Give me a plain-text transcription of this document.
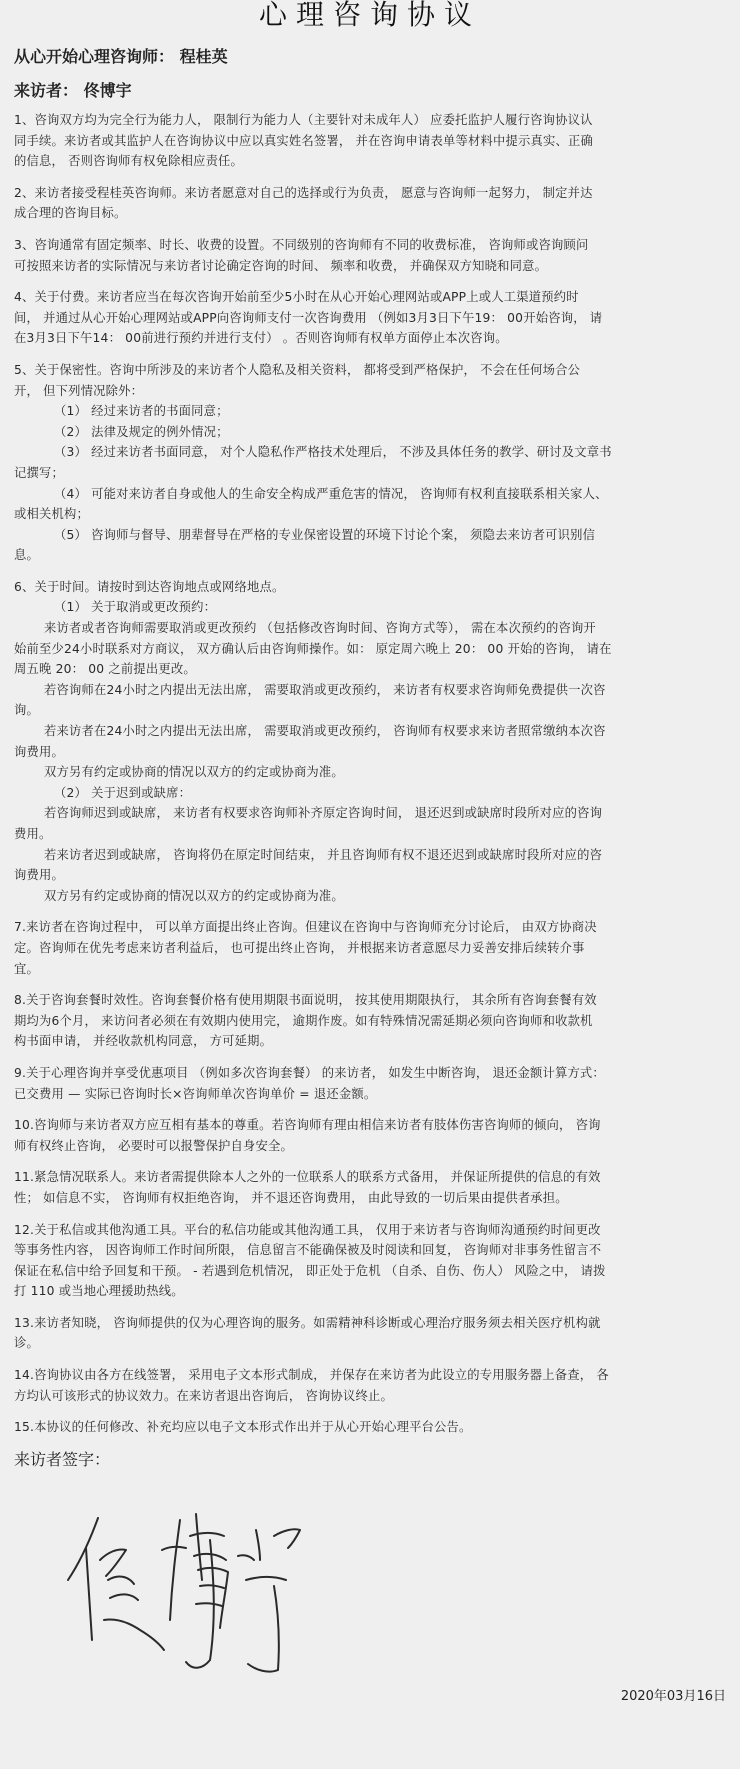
心理咨询协议
从心开始心理咨询师： 程桂英
来访者： 佟博宇
1、咨询双方均为完全行为能力人， 限制行为能力人（主要针对未成年人） 应委托监护人履行咨询协议认
同手续。来访者或其监护人在咨询协议中应以真实姓名签署， 并在咨询申请表单等材料中提示真实、正确
的信息， 否则咨询师有权免除相应责任。
2、来访者接受程桂英咨询师。来访者愿意对自己的选择或行为负责， 愿意与咨询师一起努力， 制定并达
成合理的咨询目标。
3、咨询通常有固定频率、时长、收费的设置。不同级别的咨询师有不同的收费标准， 咨询师或咨询顾问
可按照来访者的实际情况与来访者讨论确定咨询的时间、 频率和收费， 并确保双方知晓和同意。
4、关于付费。来访者应当在每次咨询开始前至少5小时在从心开始心理网站或APP上或人工渠道预约时
间， 并通过从心开始心理网站或APP向咨询师支付一次咨询费用 （例如3月3日下午19： 00开始咨询， 请
在3月3日下午14： 00前进行预约并进行支付） 。否则咨询师有权单方面停止本次咨询。
5、关于保密性。咨询中所涉及的来访者个人隐私及相关资料， 都将受到严格保护， 不会在任何场合公
开， 但下列情况除外：
（1） 经过来访者的书面同意；
（2） 法律及规定的例外情况；
（3） 经过来访者书面同意， 对个人隐私作严格技术处理后， 不涉及具体任务的教学、研讨及文章书
记撰写；
（4） 可能对来访者自身或他人的生命安全构成严重危害的情况， 咨询师有权利直接联系相关家人、
或相关机构；
（5） 咨询师与督导、朋辈督导在严格的专业保密设置的环境下讨论个案， 须隐去来访者可识别信
息。
6、关于时间。请按时到达咨询地点或网络地点。
（1） 关于取消或更改预约：
来访者或者咨询师需要取消或更改预约 （包括修改咨询时间、咨询方式等）， 需在本次预约的咨询开
始前至少24小时联系对方商议， 双方确认后由咨询师操作。如： 原定周六晚上 20： 00 开始的咨询， 请在
周五晚 20： 00 之前提出更改。
若咨询师在24小时之内提出无法出席， 需要取消或更改预约， 来访者有权要求咨询师免费提供一次咨
询。
若来访者在24小时之内提出无法出席， 需要取消或更改预约， 咨询师有权要求来访者照常缴纳本次咨
询费用。
双方另有约定或协商的情况以双方的约定或协商为准。
（2） 关于迟到或缺席：
若咨询师迟到或缺席， 来访者有权要求咨询师补齐原定咨询时间， 退还迟到或缺席时段所对应的咨询
费用。
若来访者迟到或缺席， 咨询将仍在原定时间结束， 并且咨询师有权不退还迟到或缺席时段所对应的咨
询费用。
双方另有约定或协商的情况以双方的约定或协商为准。
7.来访者在咨询过程中， 可以单方面提出终止咨询。但建议在咨询中与咨询师充分讨论后， 由双方协商决
定。咨询师在优先考虑来访者利益后， 也可提出终止咨询， 并根据来访者意愿尽力妥善安排后续转介事
宜。
8.关于咨询套餐时效性。咨询套餐价格有使用期限书面说明， 按其使用期限执行， 其余所有咨询套餐有效
期均为6个月， 来访问者必须在有效期内使用完， 逾期作废。如有特殊情况需延期必须向咨询师和收款机
构书面申请， 并经收款机构同意， 方可延期。
9.关于心理咨询并享受优惠项目 （例如多次咨询套餐） 的来访者， 如发生中断咨询， 退还金额计算方式：
已交费用 — 实际已咨询时长×咨询师单次咨询单价 = 退还金额。
10.咨询师与来访者双方应互相有基本的尊重。若咨询师有理由相信来访者有肢体伤害咨询师的倾向， 咨询
师有权终止咨询， 必要时可以报警保护自身安全。
11.紧急情况联系人。来访者需提供除本人之外的一位联系人的联系方式备用， 并保证所提供的信息的有效
性； 如信息不实， 咨询师有权拒绝咨询， 并不退还咨询费用， 由此导致的一切后果由提供者承担。
12.关于私信或其他沟通工具。平台的私信功能或其他沟通工具， 仅用于来访者与咨询师沟通预约时间更改
等事务性内容， 因咨询师工作时间所限， 信息留言不能确保被及时阅读和回复， 咨询师对非事务性留言不
保证在私信中给予回复和干预。 - 若遇到危机情况， 即正处于危机 （自杀、自伤、伤人） 风险之中， 请拨
打 110 或当地心理援助热线。
13.来访者知晓， 咨询师提供的仅为心理咨询的服务。如需精神科诊断或心理治疗服务须去相关医疗机构就
诊。
14.咨询协议由各方在线签署， 采用电子文本形式制成， 并保存在来访者为此设立的专用服务器上备查， 各
方均认可该形式的协议效力。在来访者退出咨询后， 咨询协议终止。
15.本协议的任何修改、补充均应以电子文本形式作出并于从心开始心理平台公告。
来访者签字：
2020年03月16日
